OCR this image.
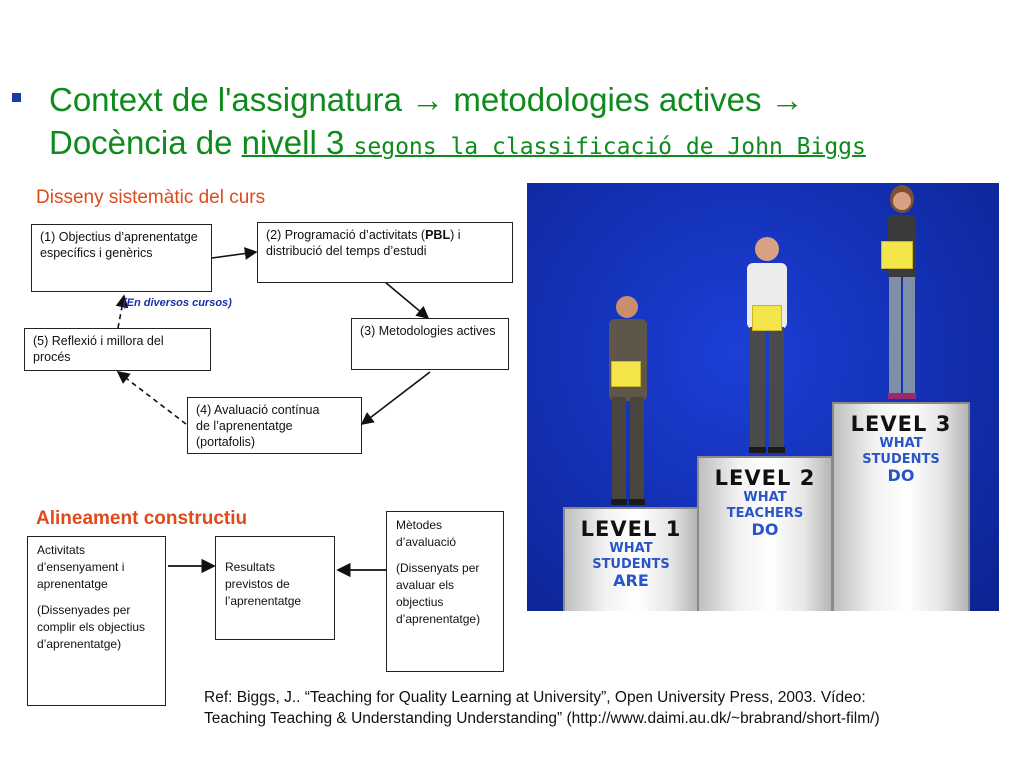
Context de l'assignatura → metodologies actives →
Docència de nivell 3 segons la classificació de John Biggs
Disseny sistemàtic del curs
(1) Objectius d’aprenentatge específics i genèrics
(2) Programació d’activitats (PBL) i distribució del temps d’estudi
(En diversos cursos)
(3) Metodologies actives
(5) Reflexió i millora del procés
(4) Avaluació contínua
de l’aprenentatge (portafolis)
Alineament constructiu

Activitats d’ensenyament i aprenentatge

(Dissenyades per complir els objectius d’aprenentatge)

Resultats previstos de l’aprenentatge

Mètodes d’avaluació

(Dissenyats per avaluar els objectius d’aprenentatge)

LEVEL 1
WHAT
STUDENTS
ARE
LEVEL 2
WHAT
TEACHERS
DO
LEVEL 3
WHAT
STUDENTS
DO
Ref: Biggs, J.. “Teaching for Quality Learning at University”, Open University Press, 2003. Vídeo:
Teaching Teaching & Understanding Understanding” (http://www.daimi.au.dk/~brabrand/short-film/)
